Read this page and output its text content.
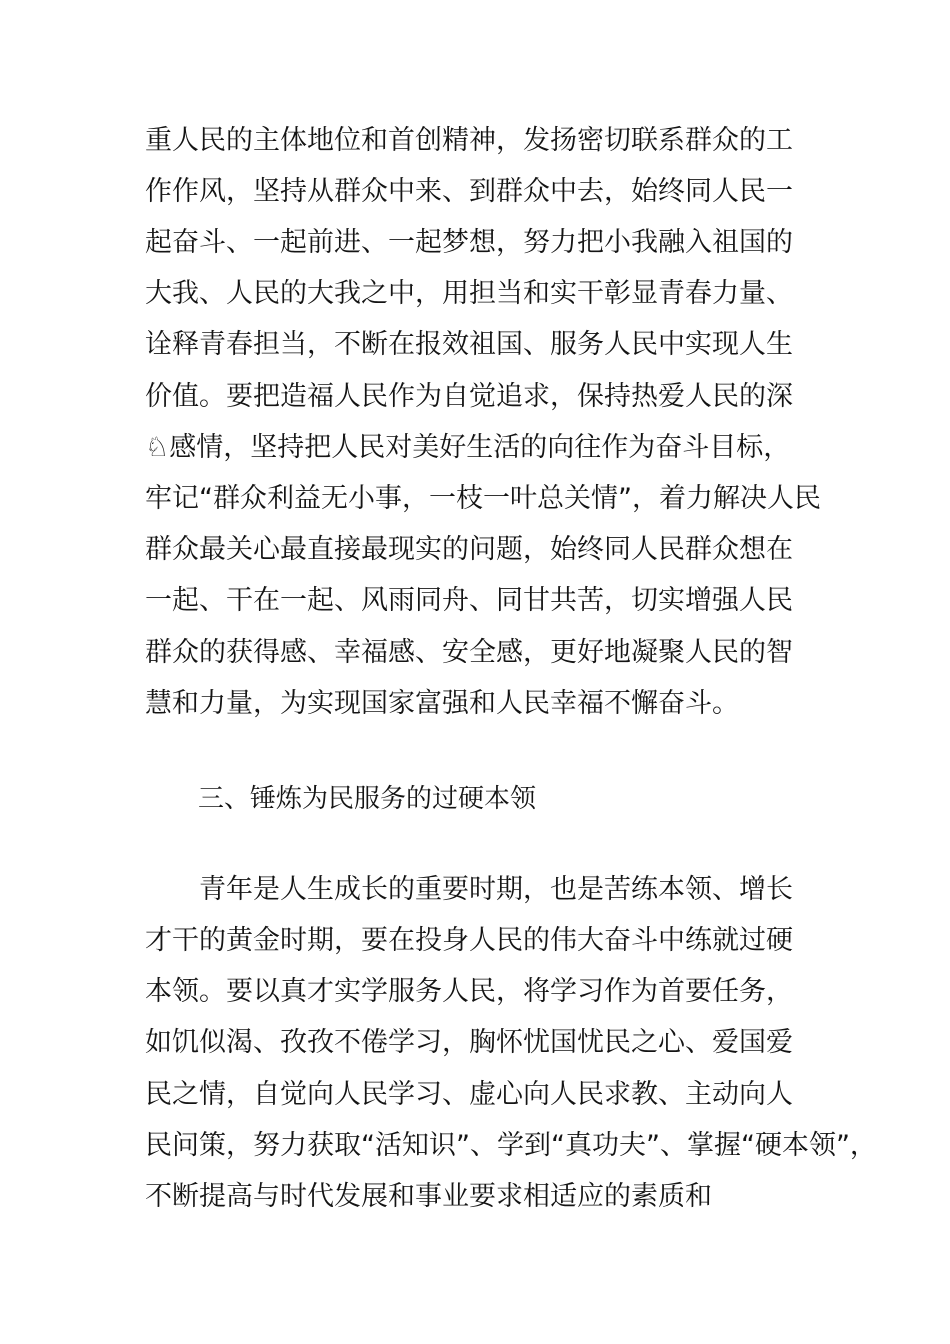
重人民的主体地位和首创精神，发扬密切联系群众的工
作作风，坚持从群众中来、到群众中去，始终同人民一
起奋斗、一起前进、一起梦想，努力把小我融入祖国的
大我、人民的大我之中，用担当和实干彰显青春力量、
诠释青春担当，不断在报效祖国、服务人民中实现人生
价值。要把造福人民作为自觉追求，保持热爱人民的深
♘感情，坚持把人民对美好生活的向往作为奋斗目标，
牢记“群众利益无小事，一枝一叶总关情”，着力解决人民
群众最关心最直接最现实的问题，始终同人民群众想在
一起、干在一起、风雨同舟、同甘共苦，切实增强人民
群众的获得感、幸福感、安全感，更好地凝聚人民的智
慧和力量，为实现国家富强和人民幸福不懈奋斗。
三、锤炼为民服务的过硬本领
　　青年是人生成长的重要时期，也是苦练本领、增长
才干的黄金时期，要在投身人民的伟大奋斗中练就过硬
本领。要以真才实学服务人民，将学习作为首要任务，
如饥似渴、孜孜不倦学习，胸怀忧国忧民之心、爱国爱
民之情，自觉向人民学习、虚心向人民求教、主动向人
民问策，努力获取“活知识”、学到“真功夫”、掌握“硬本领”，
不断提高与时代发展和事业要求相适应的素质和
